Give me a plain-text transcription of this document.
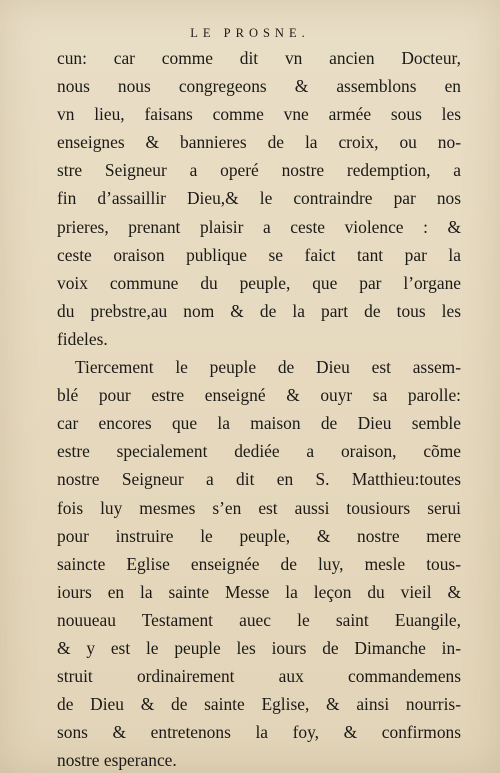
LE PROSNE.
cun: car comme dit vn ancien Docteur,
nous nous congregeons & assemblons en
vn lieu, faisans comme vne armée sous les
enseignes & bannieres de la croix, ou no-
stre Seigneur a operé nostre redemption, a
fin d’assaillir Dieu,& le contraindre par nos
prieres, prenant plaisir a ceste violence : &
ceste oraison publique se faict tant par la
voix commune du peuple, que par l’organe
du prebstre,au nom & de la part de tous les
fideles.
Tiercement le peuple de Dieu est assem-
blé pour estre enseigné & ouyr sa parolle:
car encores que la maison de Dieu semble
estre specialement dediée a oraison, cõme
nostre Seigneur a dit en S. Matthieu:toutes
fois luy mesmes s’en est aussi tousiours serui
pour instruire le peuple, & nostre mere
saincte Eglise enseignée de luy, mesle tous-
iours en la sainte Messe la leçon du vieil &
nouueau Testament auec le saint Euangile,
& y est le peuple les iours de Dimanche in-
struit ordinairement aux commandemens
de Dieu & de sainte Eglise, & ainsi nourris-
sons & entretenons la foy, & confirmons
nostre esperance.
